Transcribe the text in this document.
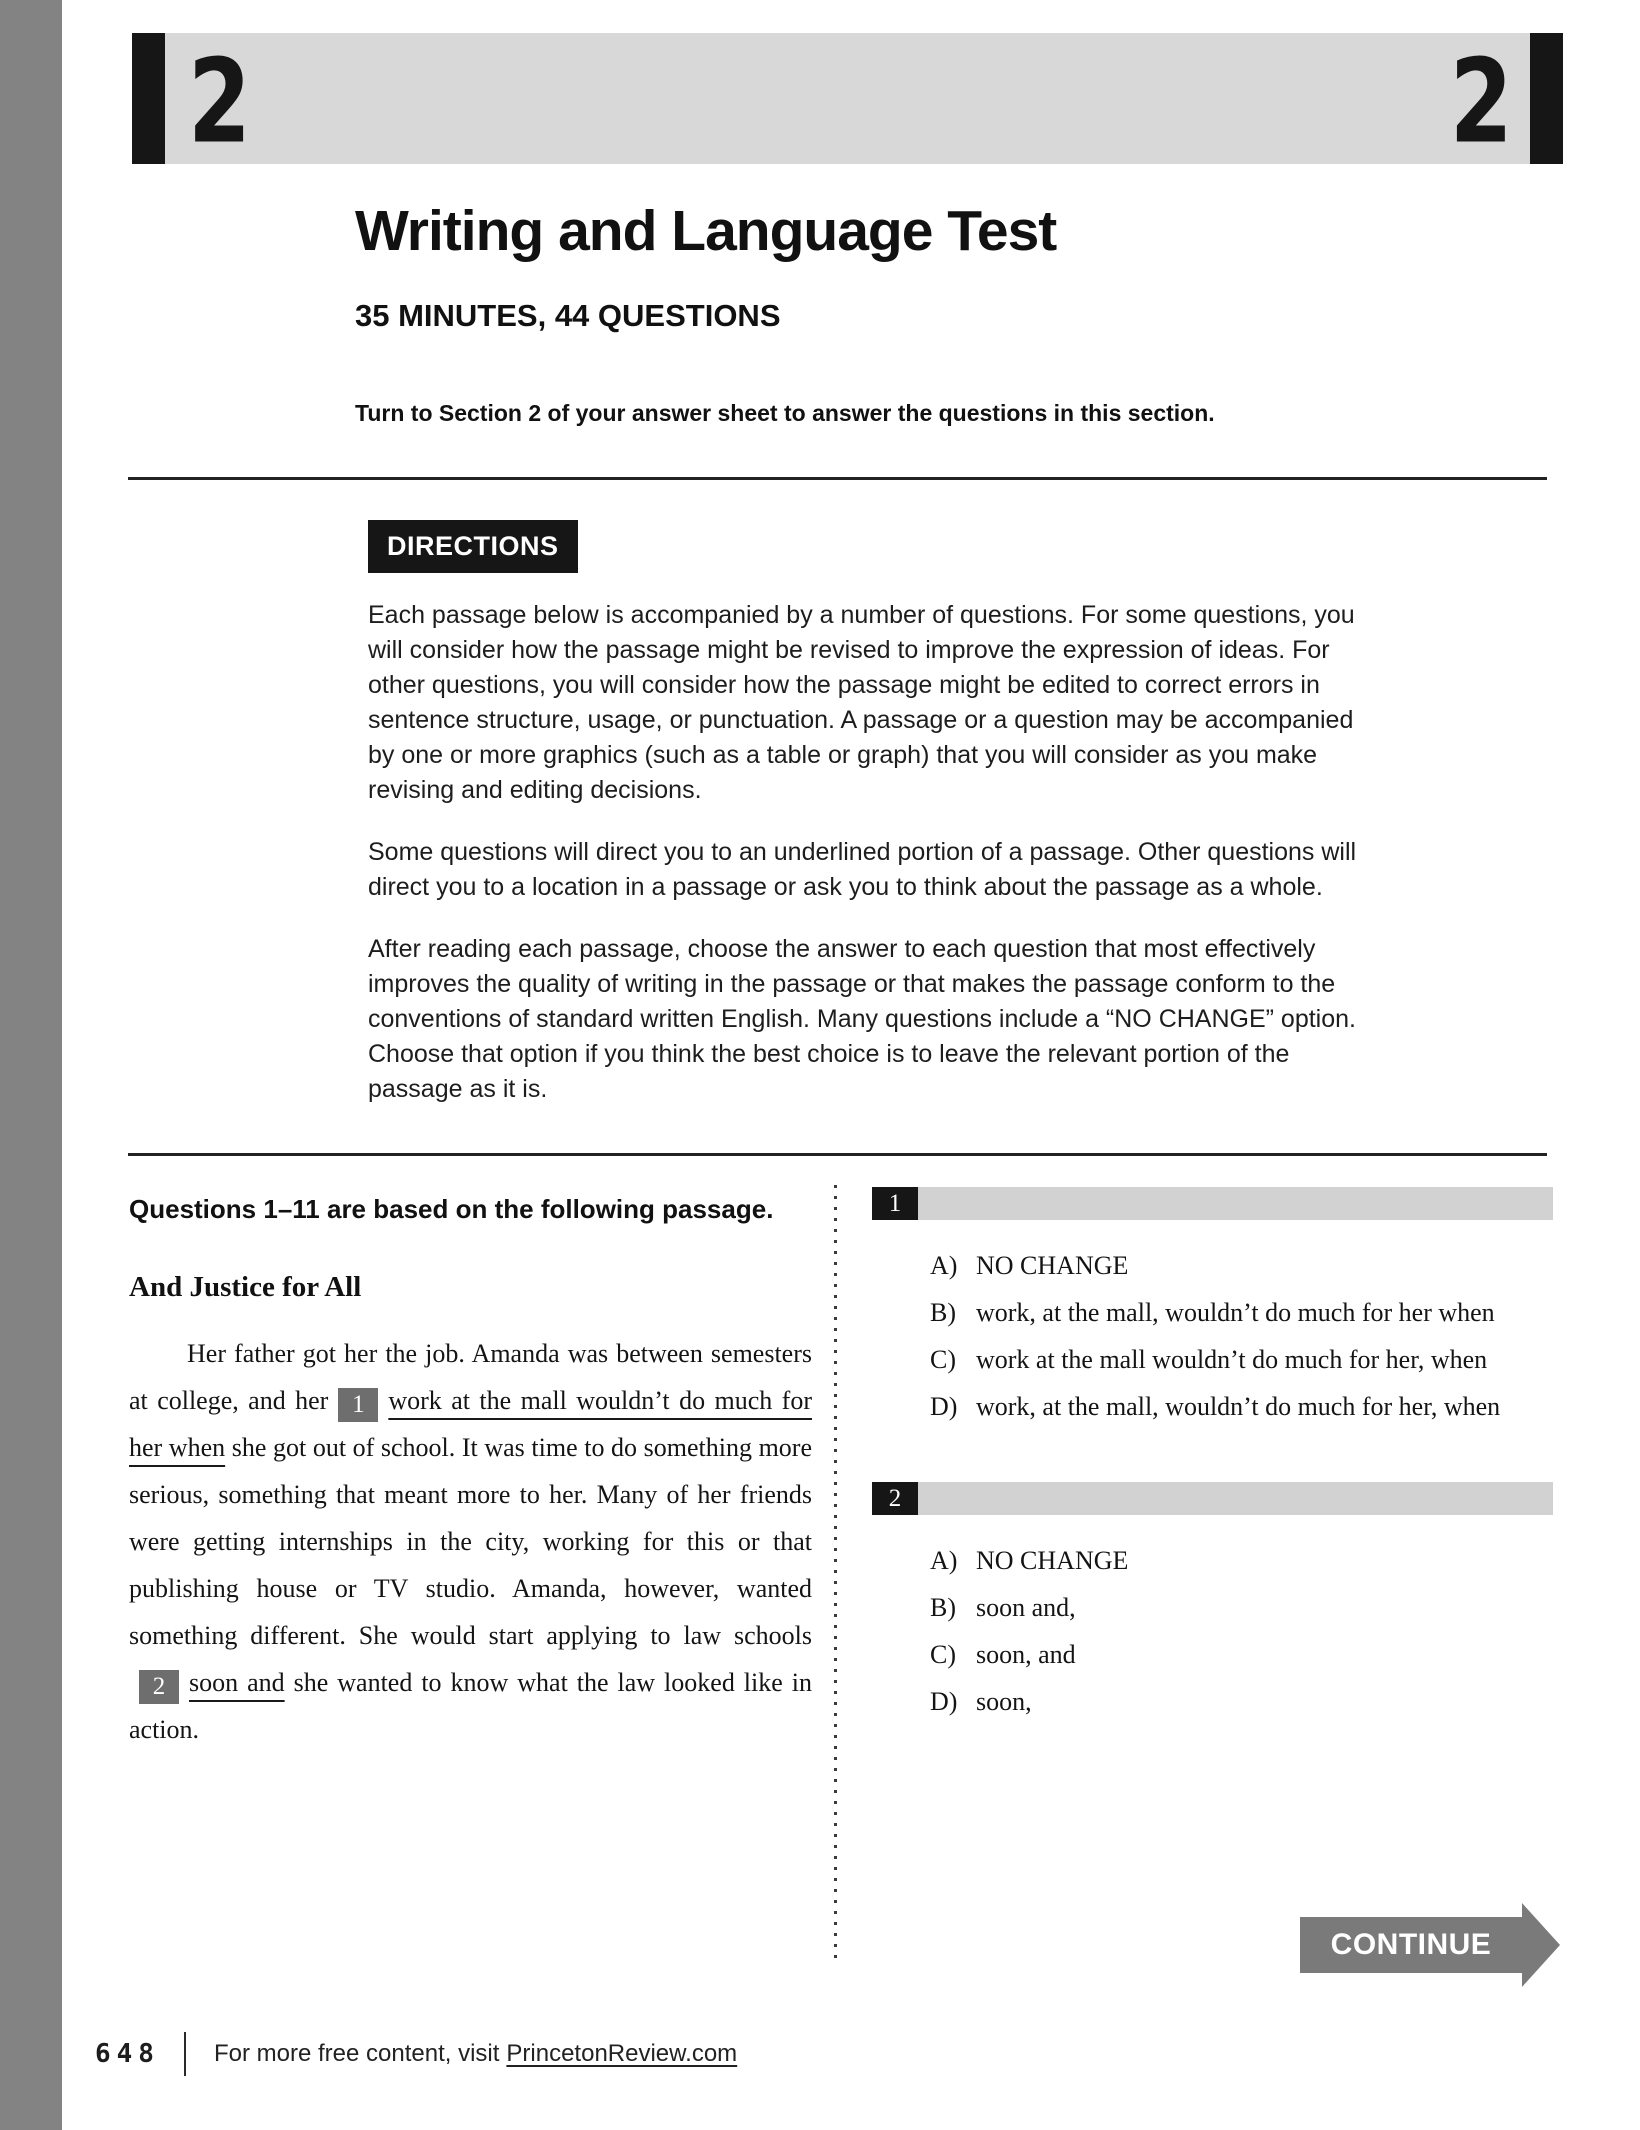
2	2
Writing and Language Test
35 MINUTES, 44 QUESTIONS
Turn to Section 2 of your answer sheet to answer the questions in this section.
DIRECTIONS

Each passage below is accompanied by a number of questions. For some questions, you will consider how the passage might be revised to improve the expression of ideas. For other questions, you will consider how the passage might be edited to correct errors in sentence structure, usage, or punctuation. A passage or a question may be accompanied by one or more graphics (such as a table or graph) that you will consider as you make revising and editing decisions.

Some questions will direct you to an underlined portion of a passage. Other questions will direct you to a location in a passage or ask you to think about the passage as a whole.

After reading each passage, choose the answer to each question that most effectively improves the quality of writing in the passage or that makes the passage conform to the conventions of standard written English. Many questions include a “NO CHANGE” option. Choose that option if you think the best choice is to leave the relevant portion of the passage as it is.

Questions 1–11 are based on the following passage.
And Justice for All
Her father got her the job. Amanda was between semesters at college, and her 1 work at the mall wouldn’t do much for her when she got out of school. It was time to do something more serious, something that meant more to her. Many of her friends were getting internships in the city, working for this or that publishing house or TV studio. Amanda, however, wanted something different. She would start applying to law schools2 soon and she wanted to know what the law looked like in action.
1
A) NO CHANGE
B) work, at the mall, wouldn’t do much for her when
C) work at the mall wouldn’t do much for her, when
D) work, at the mall, wouldn’t do much for her, when
2
A) NO CHANGE
B) soon and,
C) soon, and
D) soon,
CONTINUE
648 For more free content, visit PrincetonReview.com
